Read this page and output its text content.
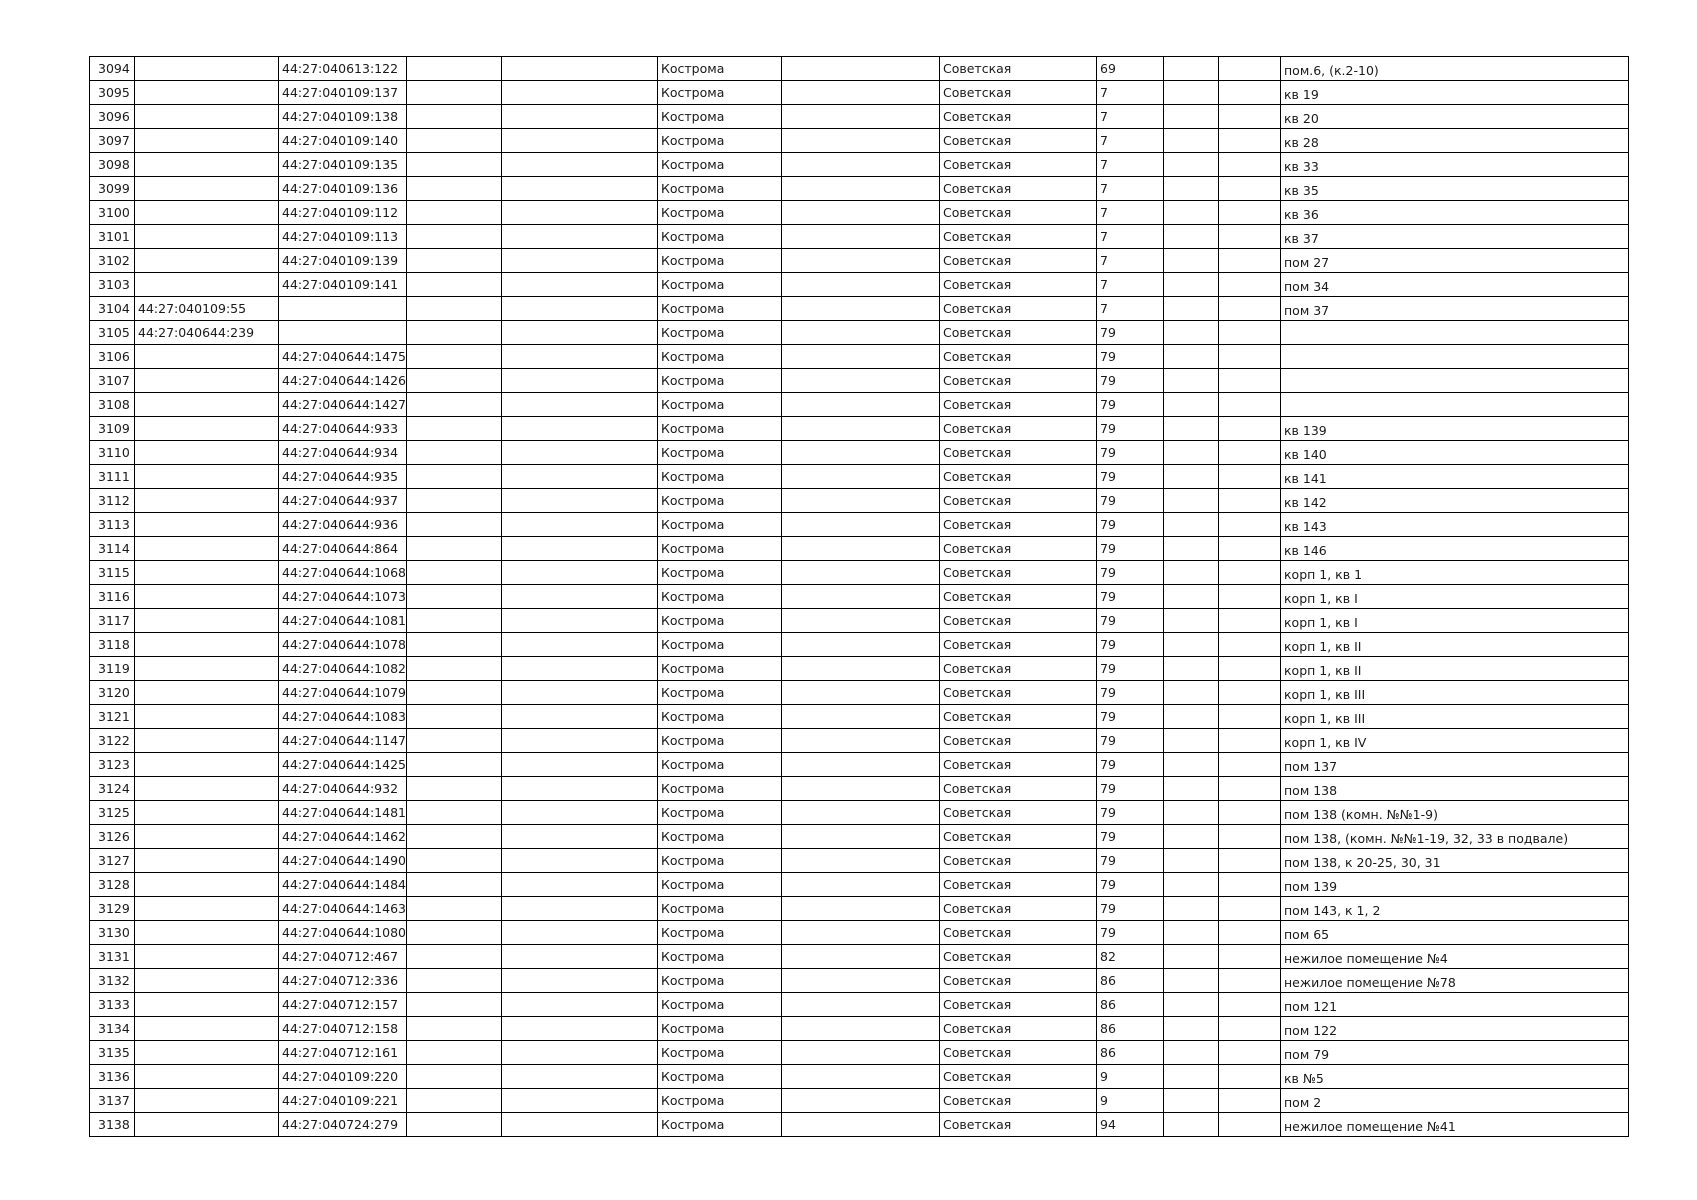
3094		44:27:040613:122			Кострома		Советская	69			пом.6, (к.2-10)
3095		44:27:040109:137			Кострома		Советская	7			кв 19
3096		44:27:040109:138			Кострома		Советская	7			кв 20
3097		44:27:040109:140			Кострома		Советская	7			кв 28
3098		44:27:040109:135			Кострома		Советская	7			кв 33
3099		44:27:040109:136			Кострома		Советская	7			кв 35
3100		44:27:040109:112			Кострома		Советская	7			кв 36
3101		44:27:040109:113			Кострома		Советская	7			кв 37
3102		44:27:040109:139			Кострома		Советская	7			пом 27
3103		44:27:040109:141			Кострома		Советская	7			пом 34
3104	44:27:040109:55				Кострома		Советская	7			пом 37
3105	44:27:040644:239				Кострома		Советская	79			
3106		44:27:040644:1475			Кострома		Советская	79			
3107		44:27:040644:1426			Кострома		Советская	79			
3108		44:27:040644:1427			Кострома		Советская	79			
3109		44:27:040644:933			Кострома		Советская	79			кв 139
3110		44:27:040644:934			Кострома		Советская	79			кв 140
3111		44:27:040644:935			Кострома		Советская	79			кв 141
3112		44:27:040644:937			Кострома		Советская	79			кв 142
3113		44:27:040644:936			Кострома		Советская	79			кв 143
3114		44:27:040644:864			Кострома		Советская	79			кв 146
3115		44:27:040644:1068			Кострома		Советская	79			корп 1, кв 1
3116		44:27:040644:1073			Кострома		Советская	79			корп 1, кв I
3117		44:27:040644:1081			Кострома		Советская	79			корп 1, кв I
3118		44:27:040644:1078			Кострома		Советская	79			корп 1, кв II
3119		44:27:040644:1082			Кострома		Советская	79			корп 1, кв II
3120		44:27:040644:1079			Кострома		Советская	79			корп 1, кв III
3121		44:27:040644:1083			Кострома		Советская	79			корп 1, кв III
3122		44:27:040644:1147			Кострома		Советская	79			корп 1, кв IV
3123		44:27:040644:1425			Кострома		Советская	79			пом 137
3124		44:27:040644:932			Кострома		Советская	79			пом 138
3125		44:27:040644:1481			Кострома		Советская	79			пом 138 (комн. №№1-9)
3126		44:27:040644:1462			Кострома		Советская	79			пом 138, (комн. №№1-19, 32, 33 в подвале)
3127		44:27:040644:1490			Кострома		Советская	79			пом 138, к 20-25, 30, 31
3128		44:27:040644:1484			Кострома		Советская	79			пом 139
3129		44:27:040644:1463			Кострома		Советская	79			пом 143, к 1, 2
3130		44:27:040644:1080			Кострома		Советская	79			пом 65
3131		44:27:040712:467			Кострома		Советская	82			нежилое помещение №4
3132		44:27:040712:336			Кострома		Советская	86			нежилое помещение №78
3133		44:27:040712:157			Кострома		Советская	86			пом 121
3134		44:27:040712:158			Кострома		Советская	86			пом 122
3135		44:27:040712:161			Кострома		Советская	86			пом 79
3136		44:27:040109:220			Кострома		Советская	9			кв №5
3137		44:27:040109:221			Кострома		Советская	9			пом 2
3138		44:27:040724:279			Кострома		Советская	94			нежилое помещение №41
